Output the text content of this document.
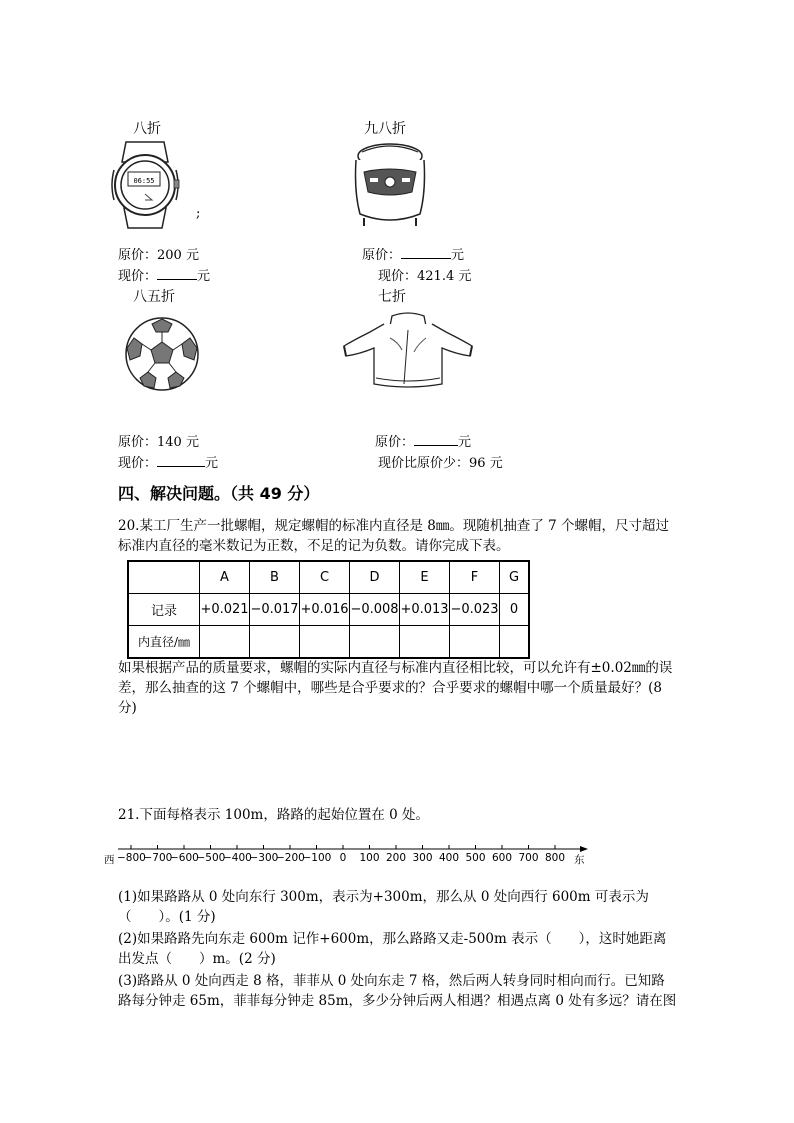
八折
06:55
;
原价：200 元
现价：	元
九八折
原价：	元
现价：421.4 元
八五折
原价：140 元
现价：	元
七折
原价：	元
现价比原价少：96 元
四、解决问题。（共 49 分）
20.某工厂生产一批螺帽，规定螺帽的标准内直径是 8㎜。现随机抽查了 7 个螺帽，尺寸超过标准内直径的毫米数记为正数，不足的记为负数。请你完成下表。
	A	B	C	D	E	F	G
记录	+0.021	−0.017	+0.016	−0.008	+0.013	−0.023	0
内直径/㎜							
如果根据产品的质量要求，螺帽的实际内直径与标准内直径相比较，可以允许有±0.02㎜的误差，那么抽查的这 7 个螺帽中，哪些是合乎要求的？合乎要求的螺帽中哪一个质量最好？(8 分)
21.下面每格表示 100m，路路的起始位置在 0 处。
西 −800
−700
−600
−500
−400
−300
−200
−100 0	100 200 300 400 500 600 700 800 东
(1)如果路路从 0 处向东行 300m，表示为+300m，那么从 0 处向西行 600m 可表示为（　　）。(1 分)
(2)如果路路先向东走 600m 记作+600m，那么路路又走-500m 表示（　　），这时她距离出发点（　　）m。(2 分)
(3)路路从 0 处向西走 8 格，菲菲从 0 处向东走 7 格，然后两人转身同时相向而行。已知路路每分钟走 65m，菲菲每分钟走 85m，多少分钟后两人相遇？相遇点离 0 处有多远？请在图
